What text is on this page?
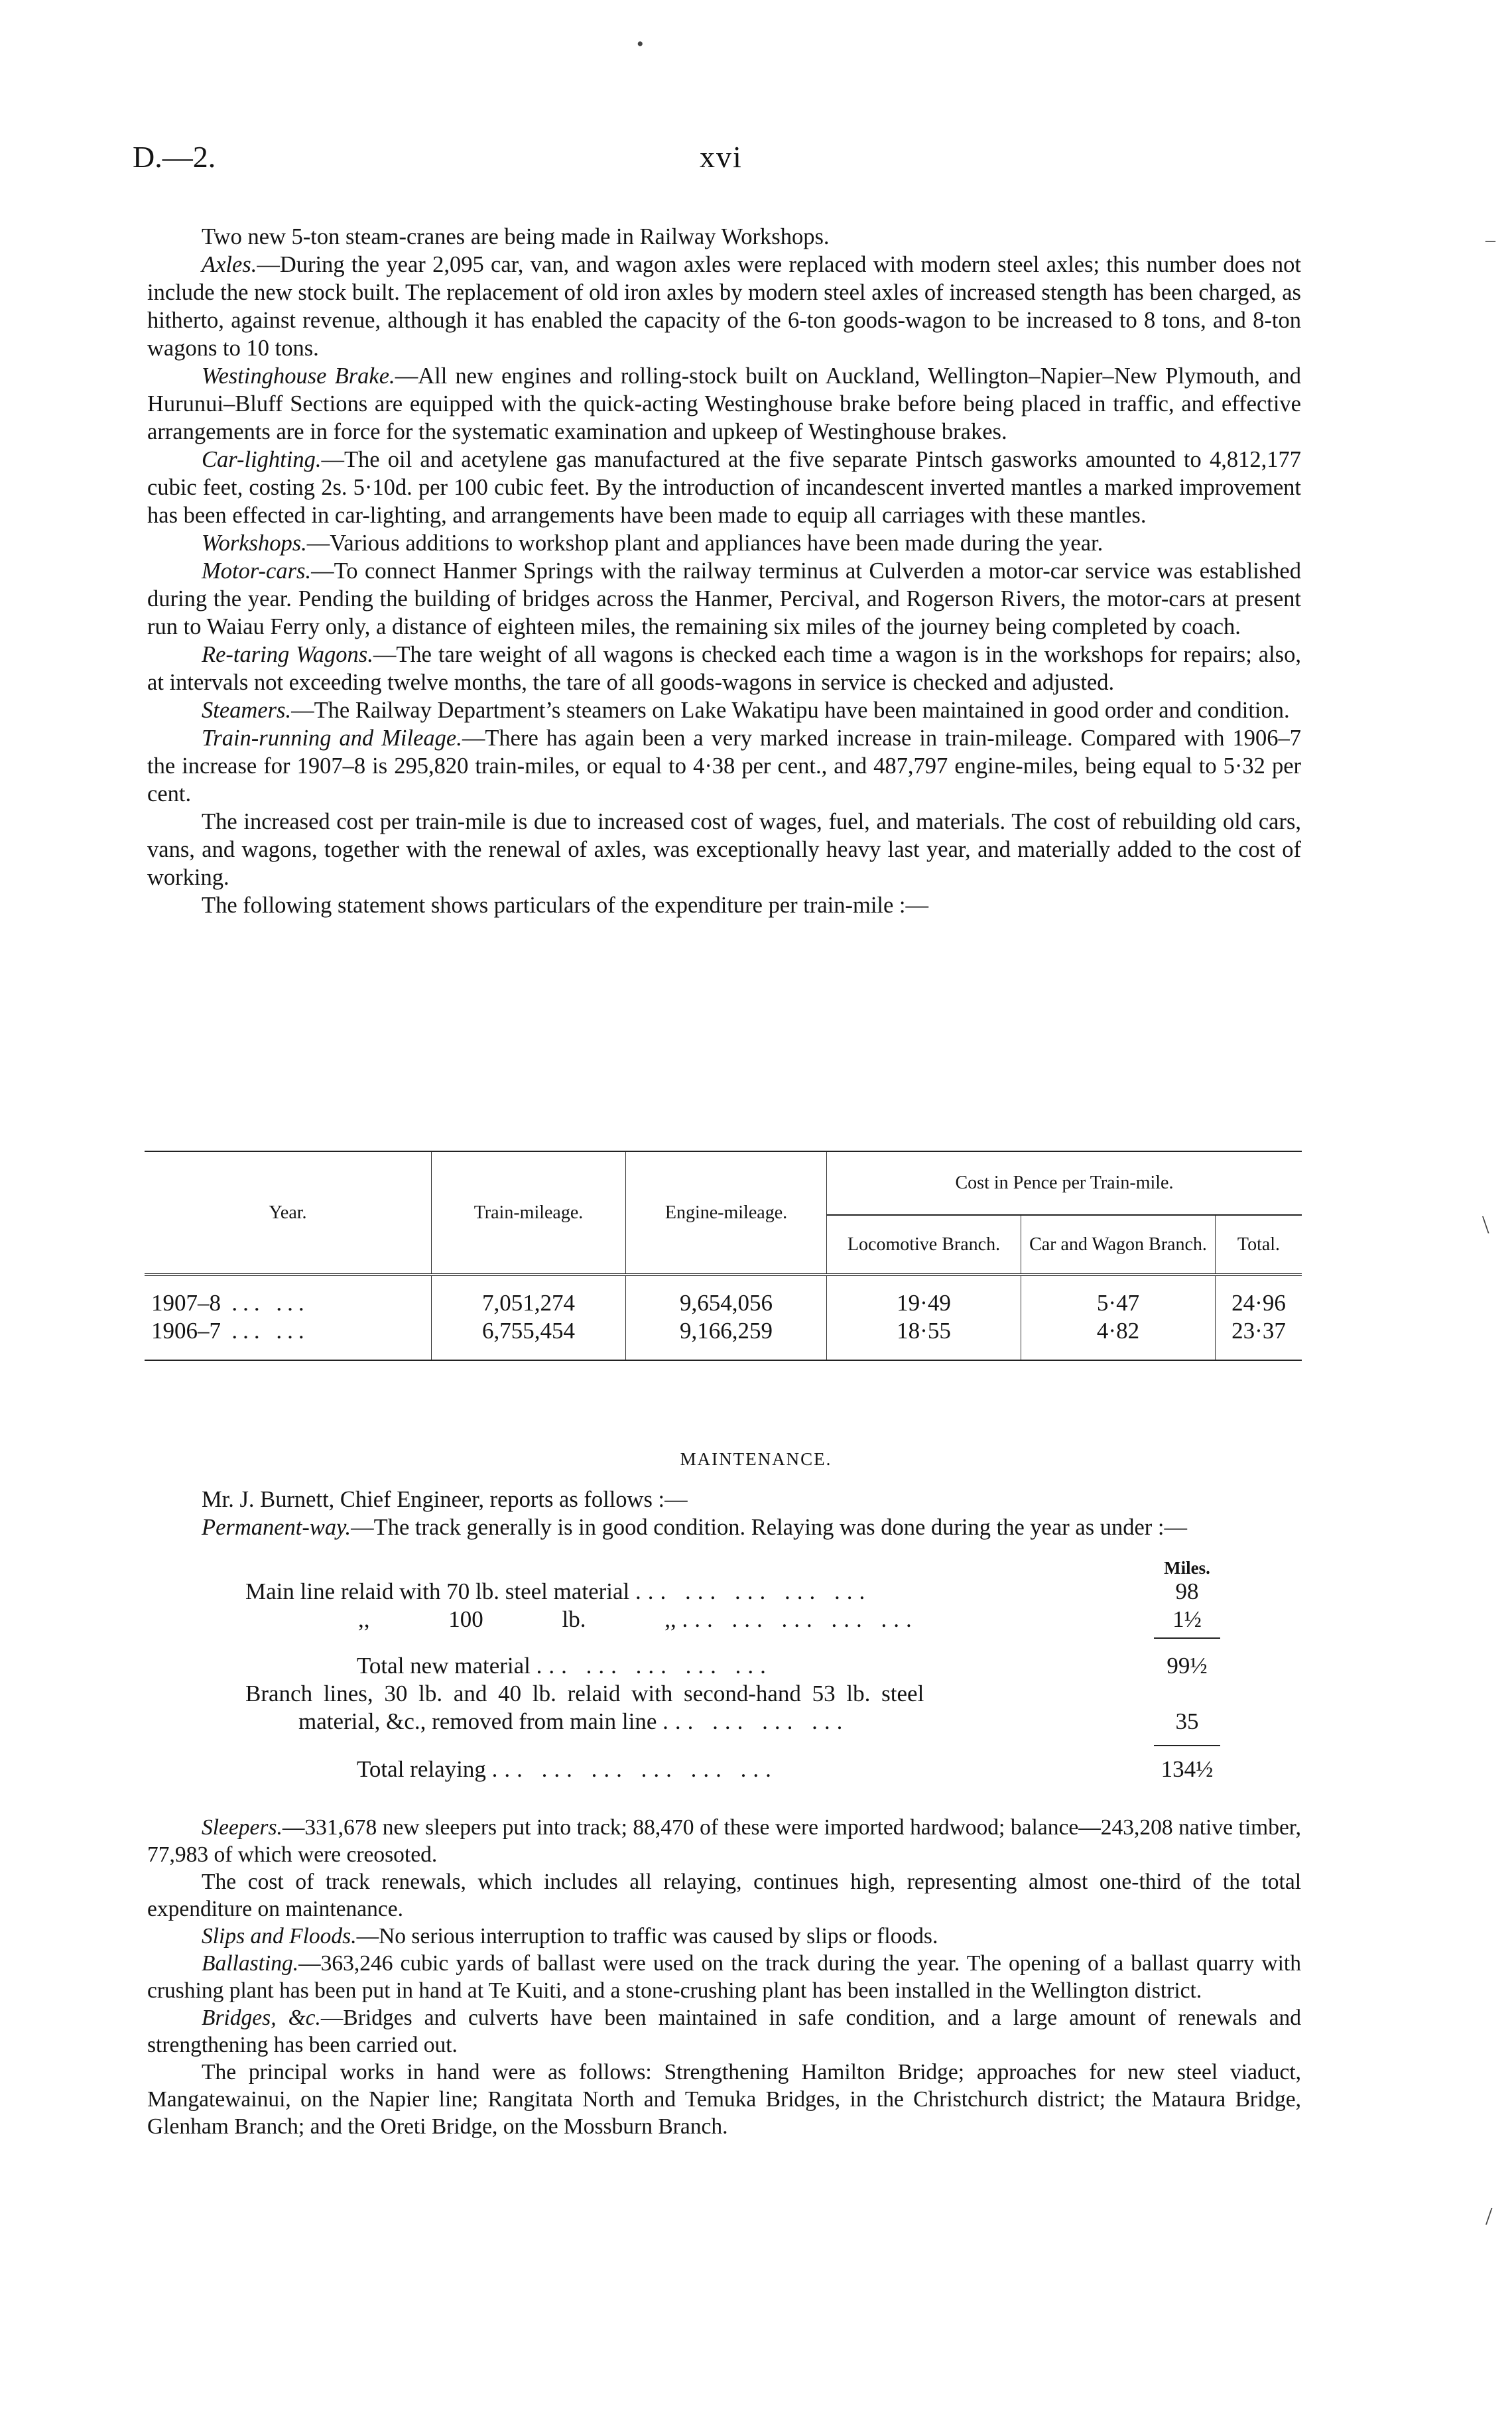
D.—2.	xvi
•
–
\
/

Two new 5-ton steam-cranes are being made in Railway Workshops.

Axles.—During the year 2,095 car, van, and wagon axles were replaced with modern steel axles; this number does not include the new stock built. The replacement of old iron axles by modern steel axles of increased stength has been charged, as hitherto, against revenue, although it has enabled the capacity of the 6-ton goods-wagon to be increased to 8 tons, and 8-ton wagons to 10 tons.

Westinghouse Brake.—All new engines and rolling-stock built on Auckland, Wellington–Napier–New Plymouth, and Hurunui–Bluff Sections are equipped with the quick-acting Westinghouse brake before being placed in traffic, and effective arrangements are in force for the systematic examination and upkeep of Westinghouse brakes.

Car-lighting.—The oil and acetylene gas manufactured at the five separate Pintsch gasworks amounted to 4,812,177 cubic feet, costing 2s. 5·10d. per 100 cubic feet. By the introduction of incandescent inverted mantles a marked improvement has been effected in car-lighting, and arrangements have been made to equip all carriages with these mantles.

Workshops.—Various additions to workshop plant and appliances have been made during the year.

Motor-cars.—To connect Hanmer Springs with the railway terminus at Culverden a motor-car service was established during the year. Pending the building of bridges across the Hanmer, Percival, and Rogerson Rivers, the motor-cars at present run to Waiau Ferry only, a distance of eighteen miles, the remaining six miles of the journey being completed by coach.

Re-taring Wagons.—The tare weight of all wagons is checked each time a wagon is in the workshops for repairs; also, at intervals not exceeding twelve months, the tare of all goods-wagons in service is checked and adjusted.

Steamers.—The Railway Department’s steamers on Lake Wakatipu have been maintained in good order and condition.

Train-running and Mileage.—There has again been a very marked increase in train-mileage. Compared with 1906–7 the increase for 1907–8 is 295,820 train-miles, or equal to 4·38 per cent., and 487,797 engine-miles, being equal to 5·32 per cent.

The increased cost per train-mile is due to increased cost of wages, fuel, and materials. The cost of rebuilding old cars, vans, and wagons, together with the renewal of axles, was exceptionally heavy last year, and materially added to the cost of working.

The following statement shows particulars of the expenditure per train-mile :—

Year.	Train-mileage.	Engine-mileage.	Cost in Pence per Train-mile.		
			Locomotive Branch.	Car and Wagon Branch.	Total.
1907–8 ... ...	7,051,274	9,654,056	19·49	5·47	24·96
1906–7 ... ...	6,755,454	9,166,259	18·55	4·82	23·37
MAINTENANCE.

Mr. J. Burnett, Chief Engineer, reports as follows :—

Permanent-way.—The track generally is in good condition. Relaying was done during the year as under :—

Miles.
Main line relaid with 70 lb. steel material ... ... ... ... ...	98
,, 100 lb. ,, ... ... ... ... ...	1½
Total new material ... ... ... ... ...	99½
Branch lines, 30 lb. and 40 lb. relaid with second-hand 53 lb. steel
material, &c., removed from main line ... ... ... ...	35
Total relaying ... ... ... ... ... ...	134½

Sleepers.—331,678 new sleepers put into track; 88,470 of these were imported hardwood; balance—243,208 native timber, 77,983 of which were creosoted.

The cost of track renewals, which includes all relaying, continues high, representing almost one-third of the total expenditure on maintenance.

Slips and Floods.—No serious interruption to traffic was caused by slips or floods.

Ballasting.—363,246 cubic yards of ballast were used on the track during the year. The opening of a ballast quarry with crushing plant has been put in hand at Te Kuiti, and a stone-crushing plant has been installed in the Wellington district.

Bridges, &c.—Bridges and culverts have been maintained in safe condition, and a large amount of renewals and strengthening has been carried out.

The principal works in hand were as follows: Strengthening Hamilton Bridge; approaches for new steel viaduct, Mangatewainui, on the Napier line; Rangitata North and Temuka Bridges, in the Christchurch district; the Mataura Bridge, Glenham Branch; and the Oreti Bridge, on the Mossburn Branch.
